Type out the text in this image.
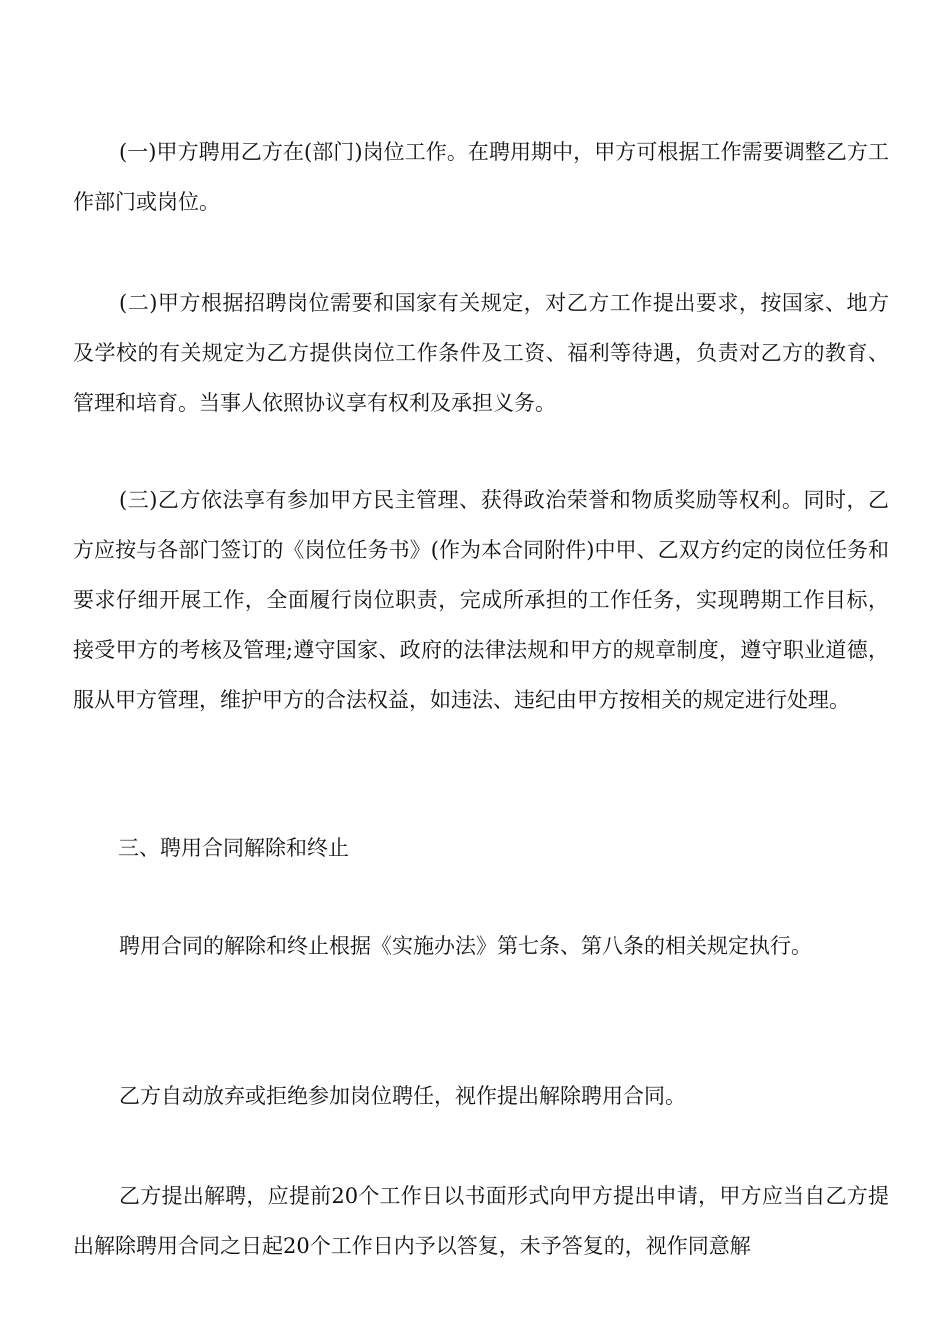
(一)甲方聘用乙方在(部门)岗位工作。在聘用期中，甲方可根据工作需要调整乙方工作部门或岗位。

(二)甲方根据招聘岗位需要和国家有关规定，对乙方工作提出要求，按国家、地方及学校的有关规定为乙方提供岗位工作条件及工资、福利等待遇，负责对乙方的教育、管理和培育。当事人依照协议享有权利及承担义务。

(三)乙方依法享有参加甲方民主管理、获得政治荣誉和物质奖励等权利。同时，乙方应按与各部门签订的《岗位任务书》(作为本合同附件)中甲、乙双方约定的岗位任务和要求仔细开展工作，全面履行岗位职责，完成所承担的工作任务，实现聘期工作目标，接受甲方的考核及管理;遵守国家、政府的法律法规和甲方的规章制度，遵守职业道德，服从甲方管理，维护甲方的合法权益，如违法、违纪由甲方按相关的规定进行处理。

三、聘用合同解除和终止

聘用合同的解除和终止根据《实施办法》第七条、第八条的相关规定执行。

乙方自动放弃或拒绝参加岗位聘任，视作提出解除聘用合同。

乙方提出解聘，应提前20个工作日以书面形式向甲方提出申请，甲方应当自乙方提出解除聘用合同之日起20个工作日内予以答复，未予答复的，视作同意解
